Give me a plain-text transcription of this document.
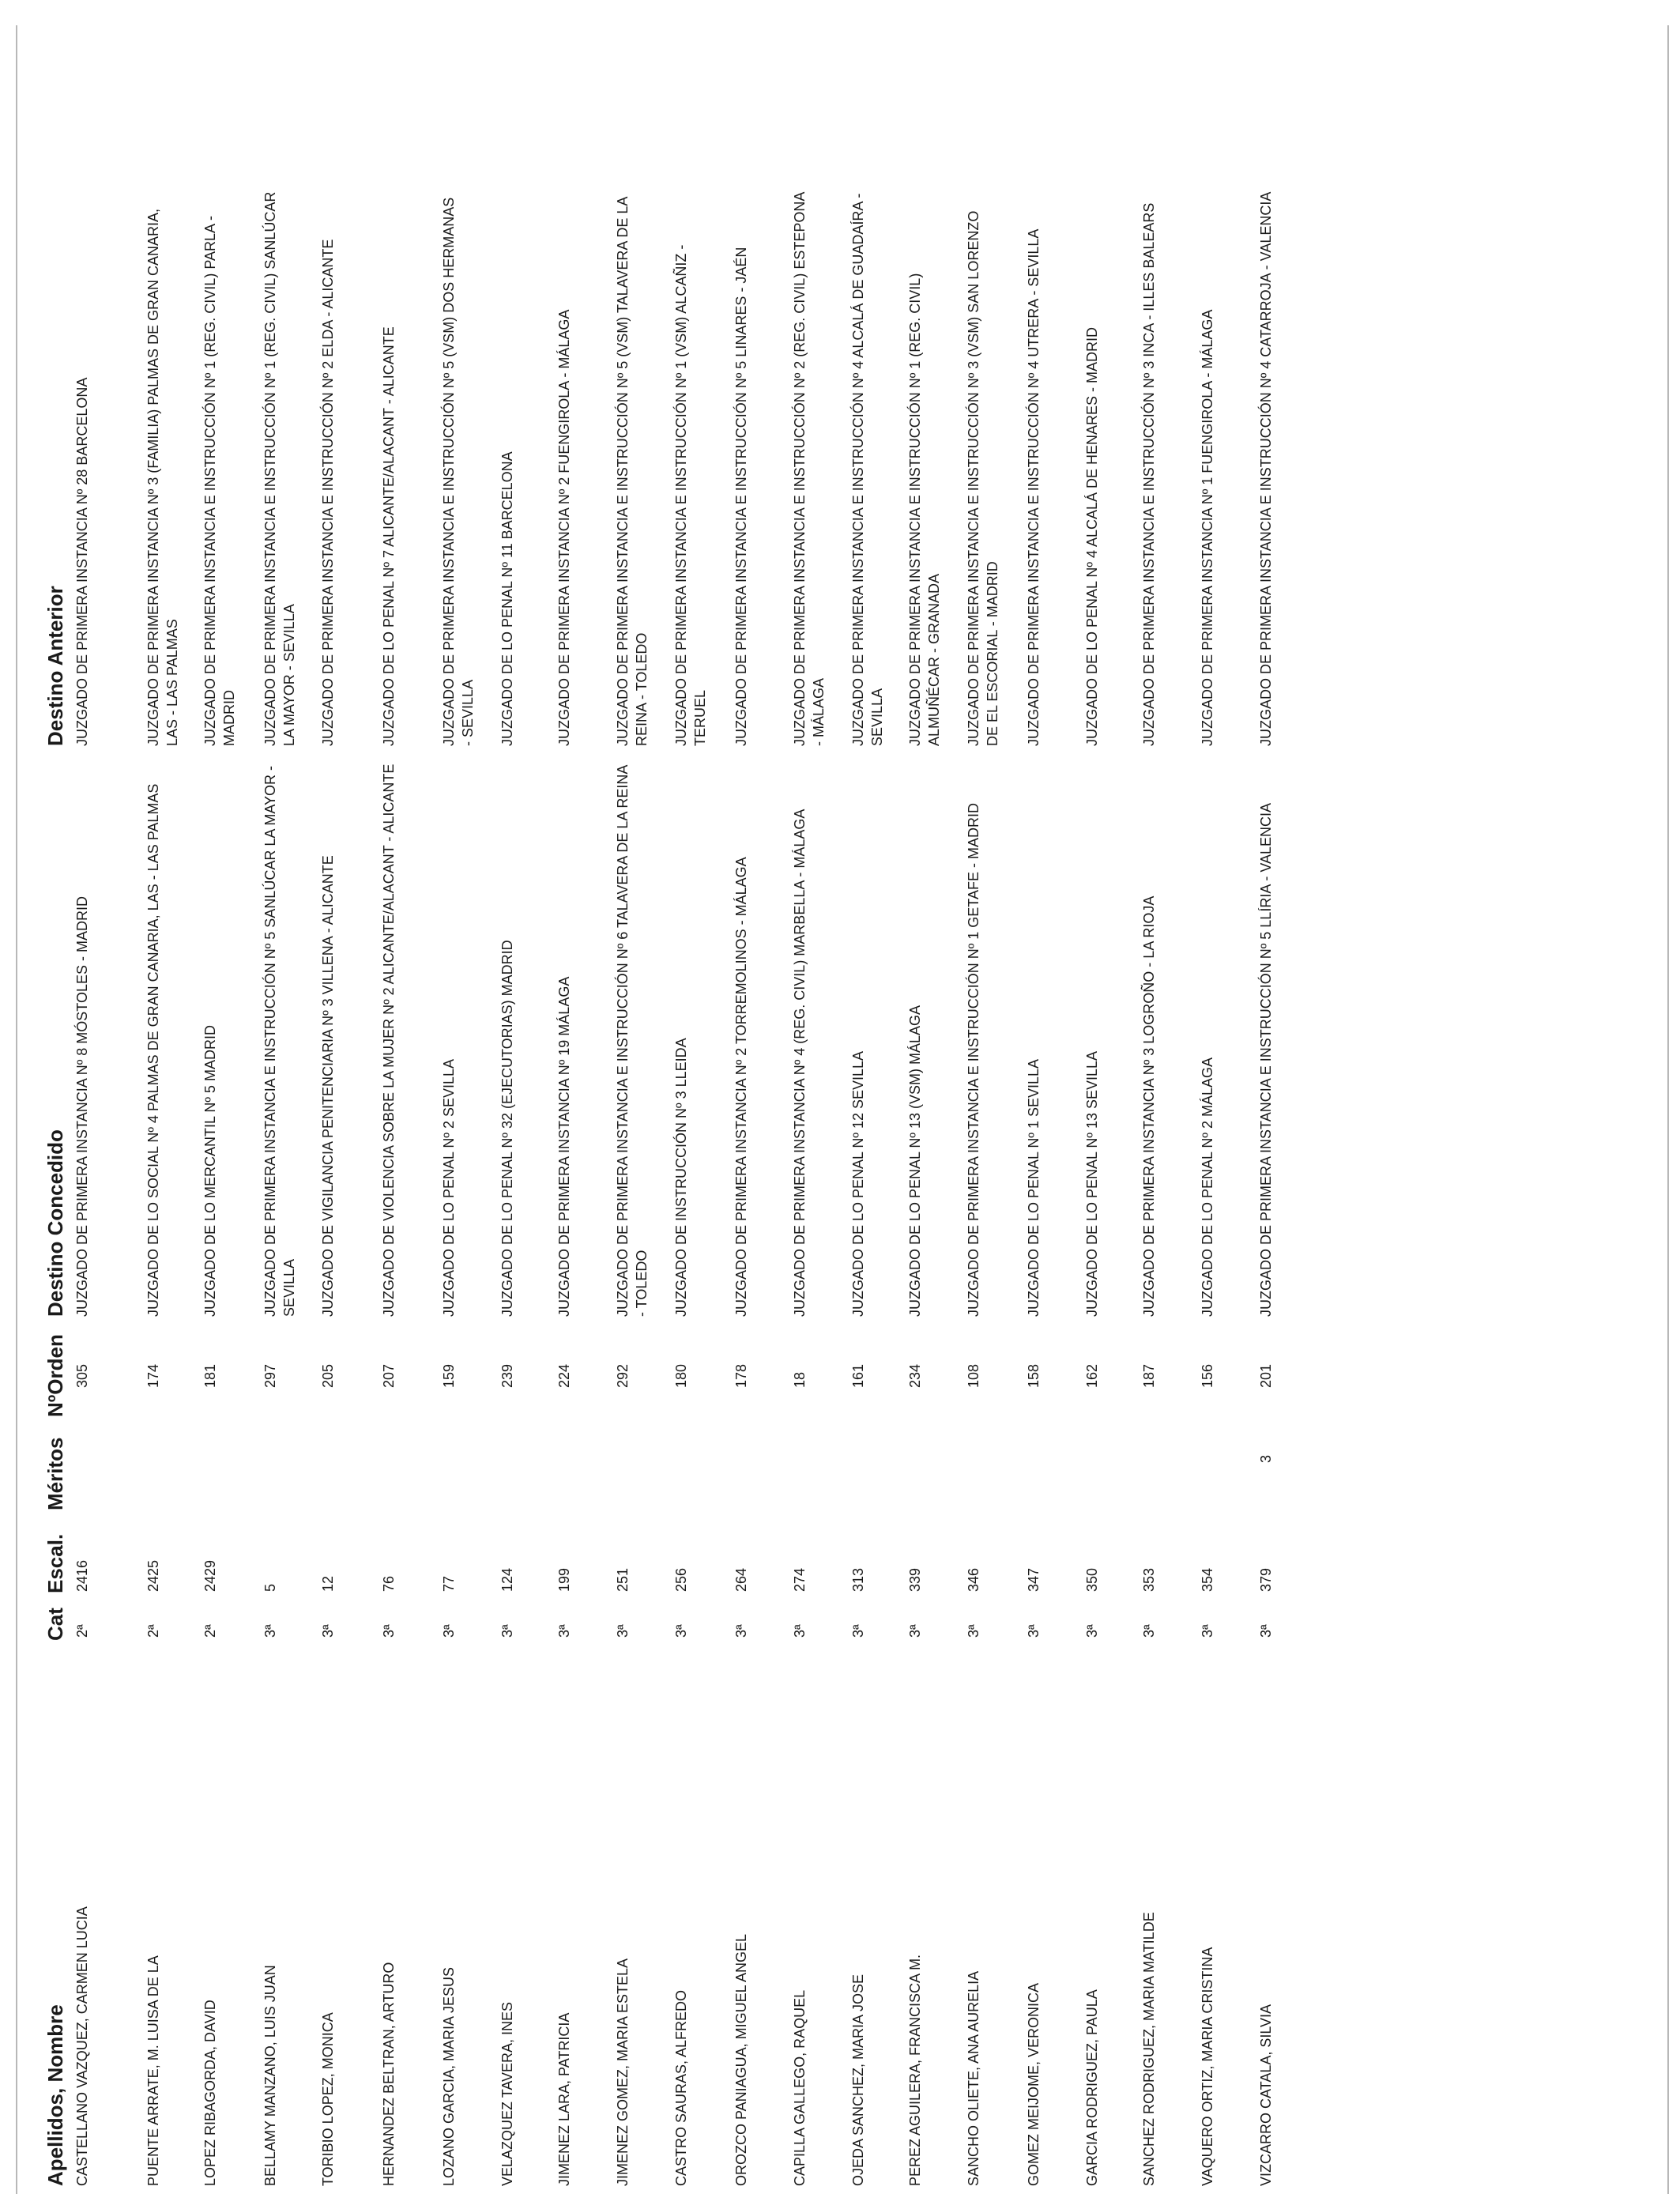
Apellidos, Nombre
Cat
Escal.
Méritos
NºOrden
Destino Concedido
Destino Anterior
CASTELLANO VAZQUEZ, CARMEN LUCIA
2ª
2416
305
JUZGADO DE PRIMERA INSTANCIA Nº 8 MÓSTOLES - MADRID
JUZGADO DE PRIMERA INSTANCIA Nº 28 BARCELONA
PUENTE ARRATE, M. LUISA DE LA
2ª
2425
174
JUZGADO DE LO SOCIAL Nº 4 PALMAS DE GRAN CANARIA, LAS - LAS PALMAS
JUZGADO DE PRIMERA INSTANCIA Nº 3 (FAMILIA) PALMAS DE GRAN CANARIA, LAS - LAS PALMAS
LOPEZ RIBAGORDA, DAVID
2ª
2429
181
JUZGADO DE LO MERCANTIL Nº 5 MADRID
JUZGADO DE PRIMERA INSTANCIA E INSTRUCCIÓN Nº 1 (REG. CIVIL) PARLA - MADRID
BELLAMY MANZANO, LUIS JUAN
3ª
5
297
JUZGADO DE PRIMERA INSTANCIA E INSTRUCCIÓN Nº 5 SANLÚCAR LA MAYOR - SEVILLA
JUZGADO DE PRIMERA INSTANCIA E INSTRUCCIÓN Nº 1 (REG. CIVIL) SANLÚCAR LA MAYOR - SEVILLA
TORIBIO LOPEZ, MONICA
3ª
12
205
JUZGADO DE VIGILANCIA PENITENCIARIA Nº 3 VILLENA - ALICANTE
JUZGADO DE PRIMERA INSTANCIA E INSTRUCCIÓN Nº 2 ELDA - ALICANTE
HERNANDEZ BELTRAN, ARTURO
3ª
76
207
JUZGADO DE VIOLENCIA SOBRE LA MUJER Nº 2 ALICANTE/ALACANT - ALICANTE
JUZGADO DE LO PENAL Nº 7 ALICANTE/ALACANT - ALICANTE
LOZANO GARCIA, MARIA JESUS
3ª
77
159
JUZGADO DE LO PENAL Nº 2 SEVILLA
JUZGADO DE PRIMERA INSTANCIA E INSTRUCCIÓN Nº 5 (VSM) DOS HERMANAS - SEVILLA
VELAZQUEZ TAVERA, INES
3ª
124
239
JUZGADO DE LO PENAL Nº 32 (EJECUTORIAS) MADRID
JUZGADO DE LO PENAL Nº 11 BARCELONA
JIMENEZ LARA, PATRICIA
3ª
199
224
JUZGADO DE PRIMERA INSTANCIA Nº 19 MÁLAGA
JUZGADO DE PRIMERA INSTANCIA Nº 2 FUENGIROLA - MÁLAGA
JIMENEZ GOMEZ, MARIA ESTELA
3ª
251
292
JUZGADO DE PRIMERA INSTANCIA E INSTRUCCIÓN Nº 6 TALAVERA DE LA REINA - TOLEDO
JUZGADO DE PRIMERA INSTANCIA E INSTRUCCIÓN Nº 5 (VSM) TALAVERA DE LA REINA - TOLEDO
CASTRO SAURAS, ALFREDO
3ª
256
180
JUZGADO DE INSTRUCCIÓN Nº 3 LLEIDA
JUZGADO DE PRIMERA INSTANCIA E INSTRUCCIÓN Nº 1 (VSM) ALCAÑIZ - TERUEL
OROZCO PANIAGUA, MIGUEL ANGEL
3ª
264
178
JUZGADO DE PRIMERA INSTANCIA Nº 2 TORREMOLINOS - MÁLAGA
JUZGADO DE PRIMERA INSTANCIA E INSTRUCCIÓN Nº 5 LINARES - JAÉN
CAPILLA GALLEGO, RAQUEL
3ª
274
18
JUZGADO DE PRIMERA INSTANCIA Nº 4 (REG. CIVIL) MARBELLA - MÁLAGA
JUZGADO DE PRIMERA INSTANCIA E INSTRUCCIÓN Nº 2 (REG. CIVIL) ESTEPONA - MÁLAGA
OJEDA SANCHEZ, MARIA JOSE
3ª
313
161
JUZGADO DE LO PENAL Nº 12 SEVILLA
JUZGADO DE PRIMERA INSTANCIA E INSTRUCCIÓN Nº 4 ALCALÁ DE GUADAÍRA - SEVILLA
PEREZ AGUILERA, FRANCISCA M.
3ª
339
234
JUZGADO DE LO PENAL Nº 13 (VSM) MÁLAGA
JUZGADO DE PRIMERA INSTANCIA E INSTRUCCIÓN Nº 1 (REG. CIVIL) ALMUÑÉCAR - GRANADA
SANCHO OLIETE, ANA AURELIA
3ª
346
108
JUZGADO DE PRIMERA INSTANCIA E INSTRUCCIÓN Nº 1 GETAFE - MADRID
JUZGADO DE PRIMERA INSTANCIA E INSTRUCCIÓN Nº 3 (VSM) SAN LORENZO DE EL ESCORIAL - MADRID
GOMEZ MEIJOME, VERONICA
3ª
347
158
JUZGADO DE LO PENAL Nº 1 SEVILLA
JUZGADO DE PRIMERA INSTANCIA E INSTRUCCIÓN Nº 4 UTRERA - SEVILLA
GARCIA RODRIGUEZ, PAULA
3ª
350
162
JUZGADO DE LO PENAL Nº 13 SEVILLA
JUZGADO DE LO PENAL Nº 4 ALCALÁ DE HENARES - MADRID
SANCHEZ RODRIGUEZ, MARIA MATILDE
3ª
353
187
JUZGADO DE PRIMERA INSTANCIA Nº 3 LOGROÑO - LA RIOJA
JUZGADO DE PRIMERA INSTANCIA E INSTRUCCIÓN Nº 3 INCA - ILLES BALEARS
VAQUERO ORTIZ, MARIA CRISTINA
3ª
354
156
JUZGADO DE LO PENAL Nº 2 MÁLAGA
JUZGADO DE PRIMERA INSTANCIA Nº 1 FUENGIROLA - MÁLAGA
VIZCARRO CATALA, SILVIA
3ª
379
3
201
JUZGADO DE PRIMERA INSTANCIA E INSTRUCCIÓN Nº 5 LLÍRIA - VALENCIA
JUZGADO DE PRIMERA INSTANCIA E INSTRUCCIÓN Nº 4 CATARROJA - VALENCIA
